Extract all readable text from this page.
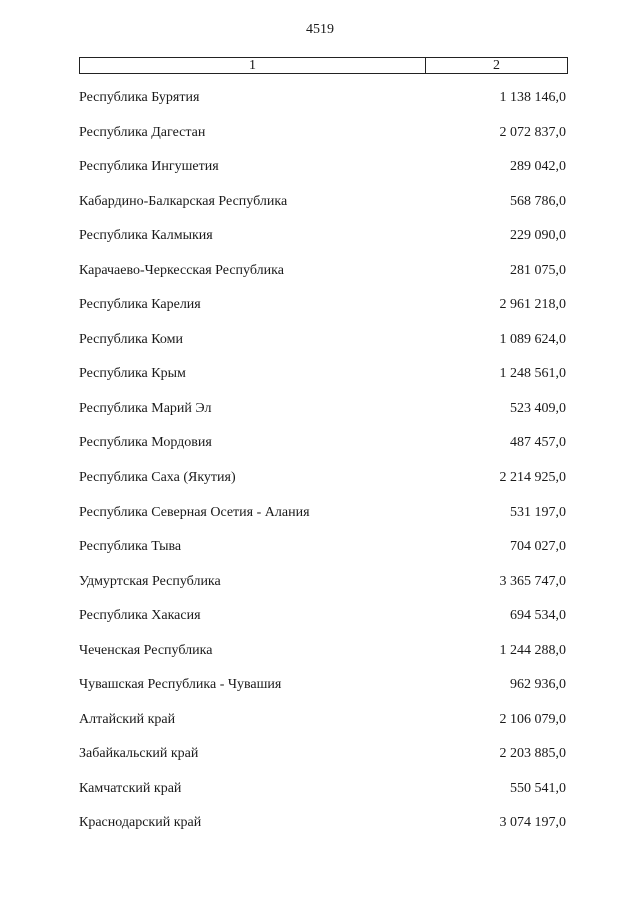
4519
1	2
Республика Бурятия	1 138 146,0
Республика Дагестан	2 072 837,0
Республика Ингушетия	289 042,0
Кабардино-Балкарская Республика	568 786,0
Республика Калмыкия	229 090,0
Карачаево-Черкесская Республика	281 075,0
Республика Карелия	2 961 218,0
Республика Коми	1 089 624,0
Республика Крым	1 248 561,0
Республика Марий Эл	523 409,0
Республика Мордовия	487 457,0
Республика Саха (Якутия)	2 214 925,0
Республика Северная Осетия - Алания	531 197,0
Республика Тыва	704 027,0
Удмуртская Республика	3 365 747,0
Республика Хакасия	694 534,0
Чеченская Республика	1 244 288,0
Чувашская Республика - Чувашия	962 936,0
Алтайский край	2 106 079,0
Забайкальский край	2 203 885,0
Камчатский край	550 541,0
Краснодарский край	3 074 197,0
